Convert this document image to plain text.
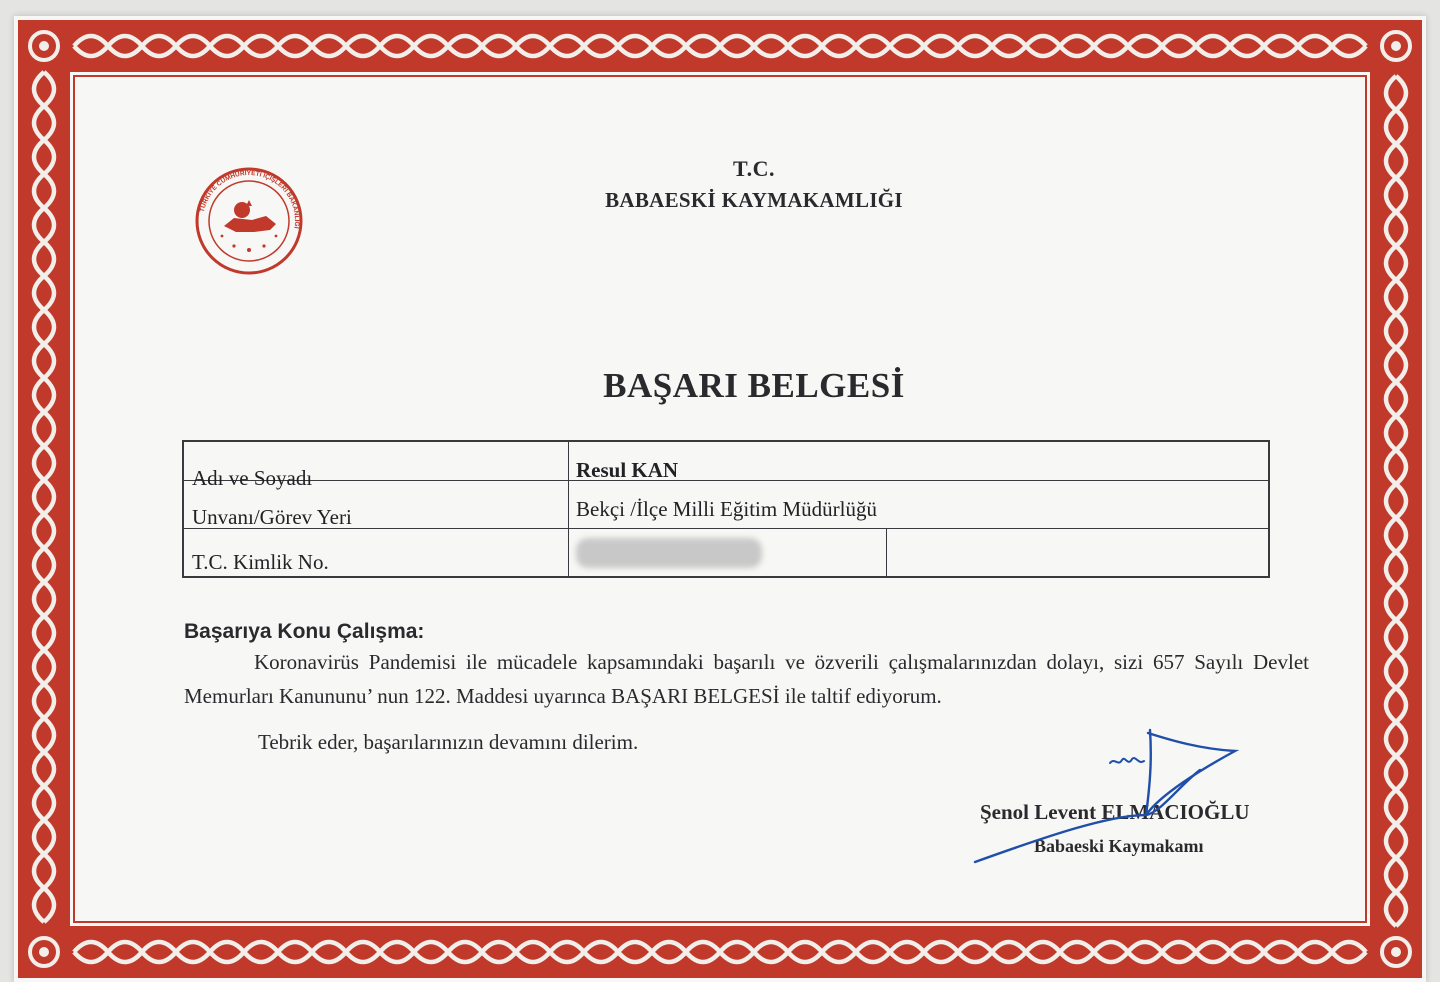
TÜRKİYE CUMHURİYETİ İÇİŞLERİ BAKANLIĞI
T.C.
BABAESKİ KAYMAKAMLIĞI
BAŞARI BELGESİ
Adı ve Soyadı	Resul KAN
Unvanı/Görev Yeri	Bekçi /İlçe Milli Eğitim Müdürlüğü
T.C. Kimlik No.
Başarıya Konu Çalışma:
Koronavirüs Pandemisi ile mücadele kapsamındaki başarılı ve özverili çalışmalarınızdan dolayı, sizi 657 Sayılı Devlet Memurları Kanununu’ nun 122. Maddesi uyarınca BAŞARI BELGESİ ile taltif ediyorum.
Tebrik eder, başarılarınızın devamını dilerim.
Şenol Levent ELMACIOĞLU
Babaeski Kaymakamı
